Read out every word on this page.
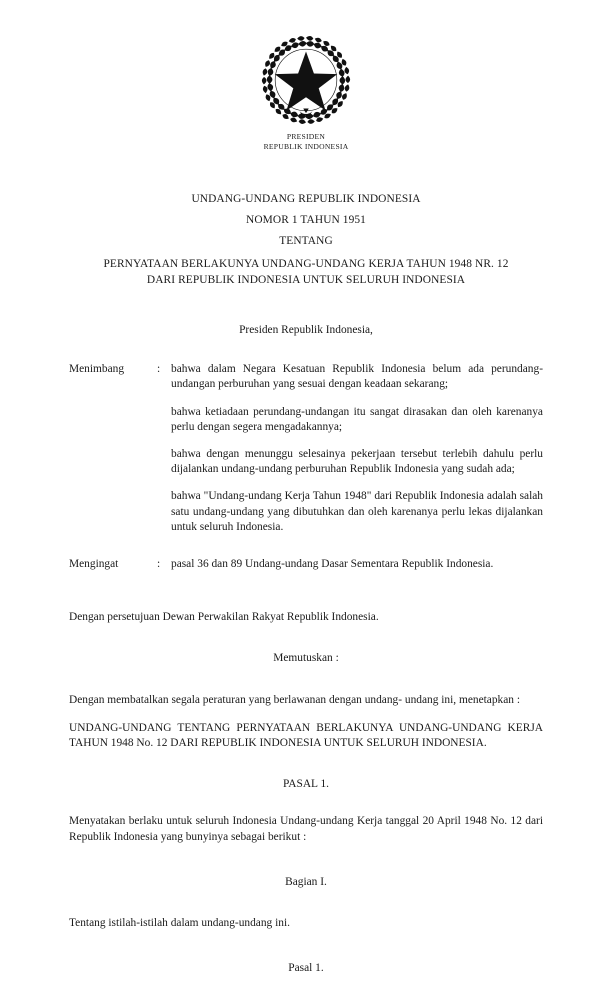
PRESIDEN
REPUBLIK INDONESIA
UNDANG-UNDANG REPUBLIK INDONESIA
NOMOR 1 TAHUN 1951
TENTANG
PERNYATAAN BERLAKUNYA UNDANG-UNDANG KERJA TAHUN 1948 NR. 12
DARI REPUBLIK INDONESIA UNTUK SELURUH INDONESIA
Presiden Republik Indonesia,
Menimbang	: bahwa dalam Negara Kesatuan Republik Indonesia belum ada perundang-undangan perburuhan yang sesuai dengan keadaan sekarang;

bahwa ketiadaan perundang-undangan itu sangat dirasakan dan oleh karenanya perlu dengan segera mengadakannya;

bahwa dengan menunggu selesainya pekerjaan tersebut terlebih dahulu perlu dijalankan undang-undang perburuhan Republik Indonesia yang sudah ada;

bahwa "Undang-undang Kerja Tahun 1948" dari Republik Indonesia adalah salah satu undang-undang yang dibutuhkan dan oleh karenanya perlu lekas dijalankan untuk seluruh Indonesia.

Mengingat	: pasal 36 dan 89 Undang-undang Dasar Sementara Republik Indonesia.

Dengan persetujuan Dewan Perwakilan Rakyat Republik Indonesia.

Memutuskan :

Dengan membatalkan segala peraturan yang berlawanan dengan undang- undang ini, menetapkan :

UNDANG-UNDANG TENTANG PERNYATAAN BERLAKUNYA UNDANG-UNDANG KERJA TAHUN 1948 No. 12 DARI REPUBLIK INDONESIA UNTUK SELURUH INDONESIA.

PASAL 1.

Menyatakan berlaku untuk seluruh Indonesia Undang-undang Kerja tanggal 20 April 1948 No. 12 dari Republik Indonesia yang bunyinya sebagai berikut :

Bagian I.

Tentang istilah-istilah dalam undang-undang ini.

Pasal 1.
